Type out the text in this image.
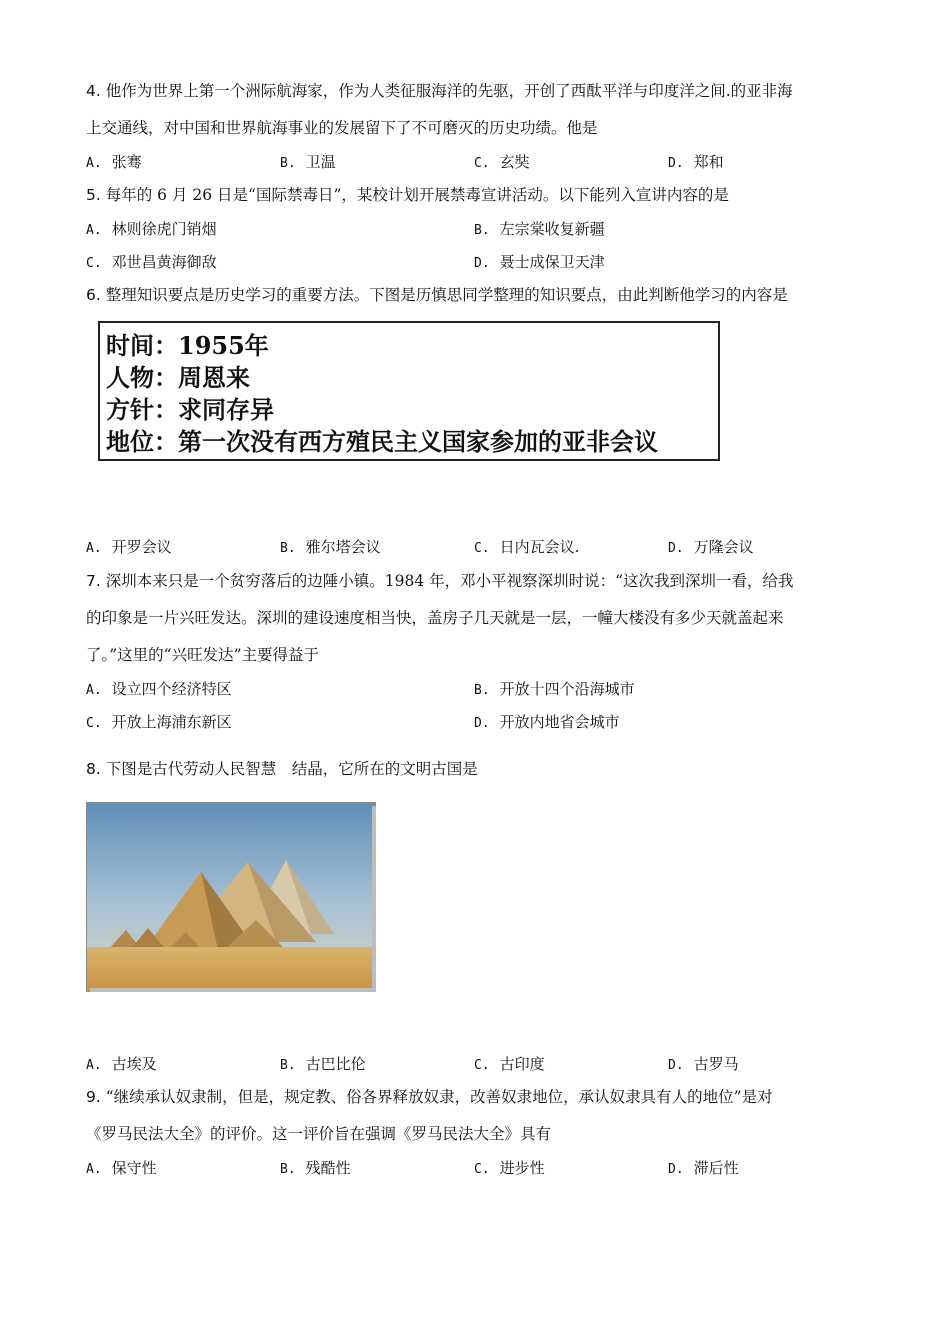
4. 他作为世界上第一个洲际航海家，作为人类征服海洋的先驱，开创了西酞平洋与印度洋之间.的亚非海
上交通线，对中国和世界航海事业的发展留下了不可磨灭的历史功绩。他是
A. 张骞	B. 卫温	C. 玄奘	D. 郑和
5. 每年的 6 月 26 日是“国际禁毒日”，某校计划开展禁毒宣讲活动。以下能列入宣讲内容的是
A. 林则徐虎门销烟	B. 左宗棠收复新疆
C. 邓世昌黄海御敌	D. 聂士成保卫天津
6. 整理知识要点是历史学习的重要方法。下图是历慎思同学整理的知识要点，由此判断他学习的内容是
时间：1955年
人物：周恩来
方针：求同存异
地位：第一次没有西方殖民主义国家参加的亚非会议
A. 开罗会议	B. 雅尔塔会议	C. 日内瓦会议.	D. 万隆会议
7. 深圳本来只是一个贫穷落后的边陲小镇。1984 年，邓小平视察深圳时说：“这次我到深圳一看，给我
的印象是一片兴旺发达。深圳的建设速度相当快，盖房子几天就是一层，一幢大楼没有多少天就盖起来
了。”这里的“兴旺发达”主要得益于
A. 设立四个经济特区	B. 开放十四个沿海城市
C. 开放上海浦东新区	D. 开放内地省会城市
8. 下图是古代劳动人民智慧　结晶，它所在的文明古国是
A. 古埃及	B. 古巴比伦	C. 古印度	D. 古罗马
9. “继续承认奴隶制，但是，规定教、俗各界释放奴隶，改善奴隶地位，承认奴隶具有人的地位”是对
《罗马民法大全》的评价。这一评价旨在强调《罗马民法大全》具有
A. 保守性	B. 残酷性	C. 进步性	D. 滞后性
